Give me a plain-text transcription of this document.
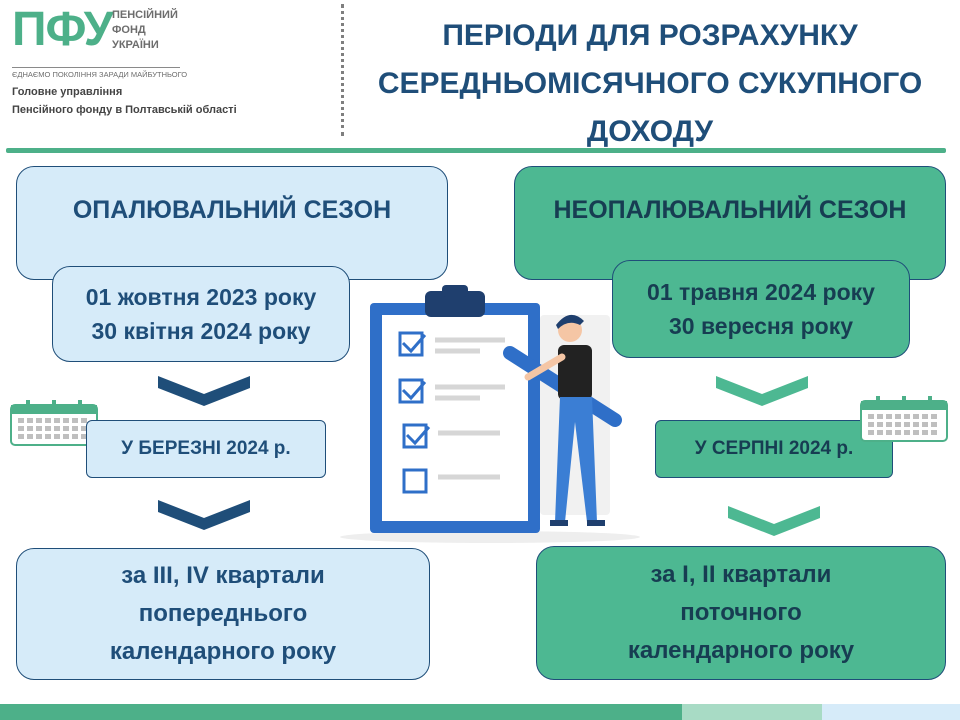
ПФУ ПЕНСІЙНИЙ
ФОНД
УКРАЇНИ
ЄДНАЄМО ПОКОЛІННЯ ЗАРАДИ МАЙБУТНЬОГО
Головне управління
Пенсійного фонду в Полтавській області
ПЕРІОДИ ДЛЯ РОЗРАХУНКУ
СЕРЕДНЬОМІСЯЧНОГО СУКУПНОГО
ДОХОДУ
ОПАЛЮВАЛЬНИЙ СЕЗОН
01 жовтня 2023 року
30 квітня 2024 року
У БЕРЕЗНІ 2024 р.
за ІІІ, IV квартали
попереднього
календарного року
НЕОПАЛЮВАЛЬНИЙ СЕЗОН
01 травня 2024 року
30 вересня року
У СЕРПНІ 2024 р.
за І, ІІ квартали
поточного
календарного року
